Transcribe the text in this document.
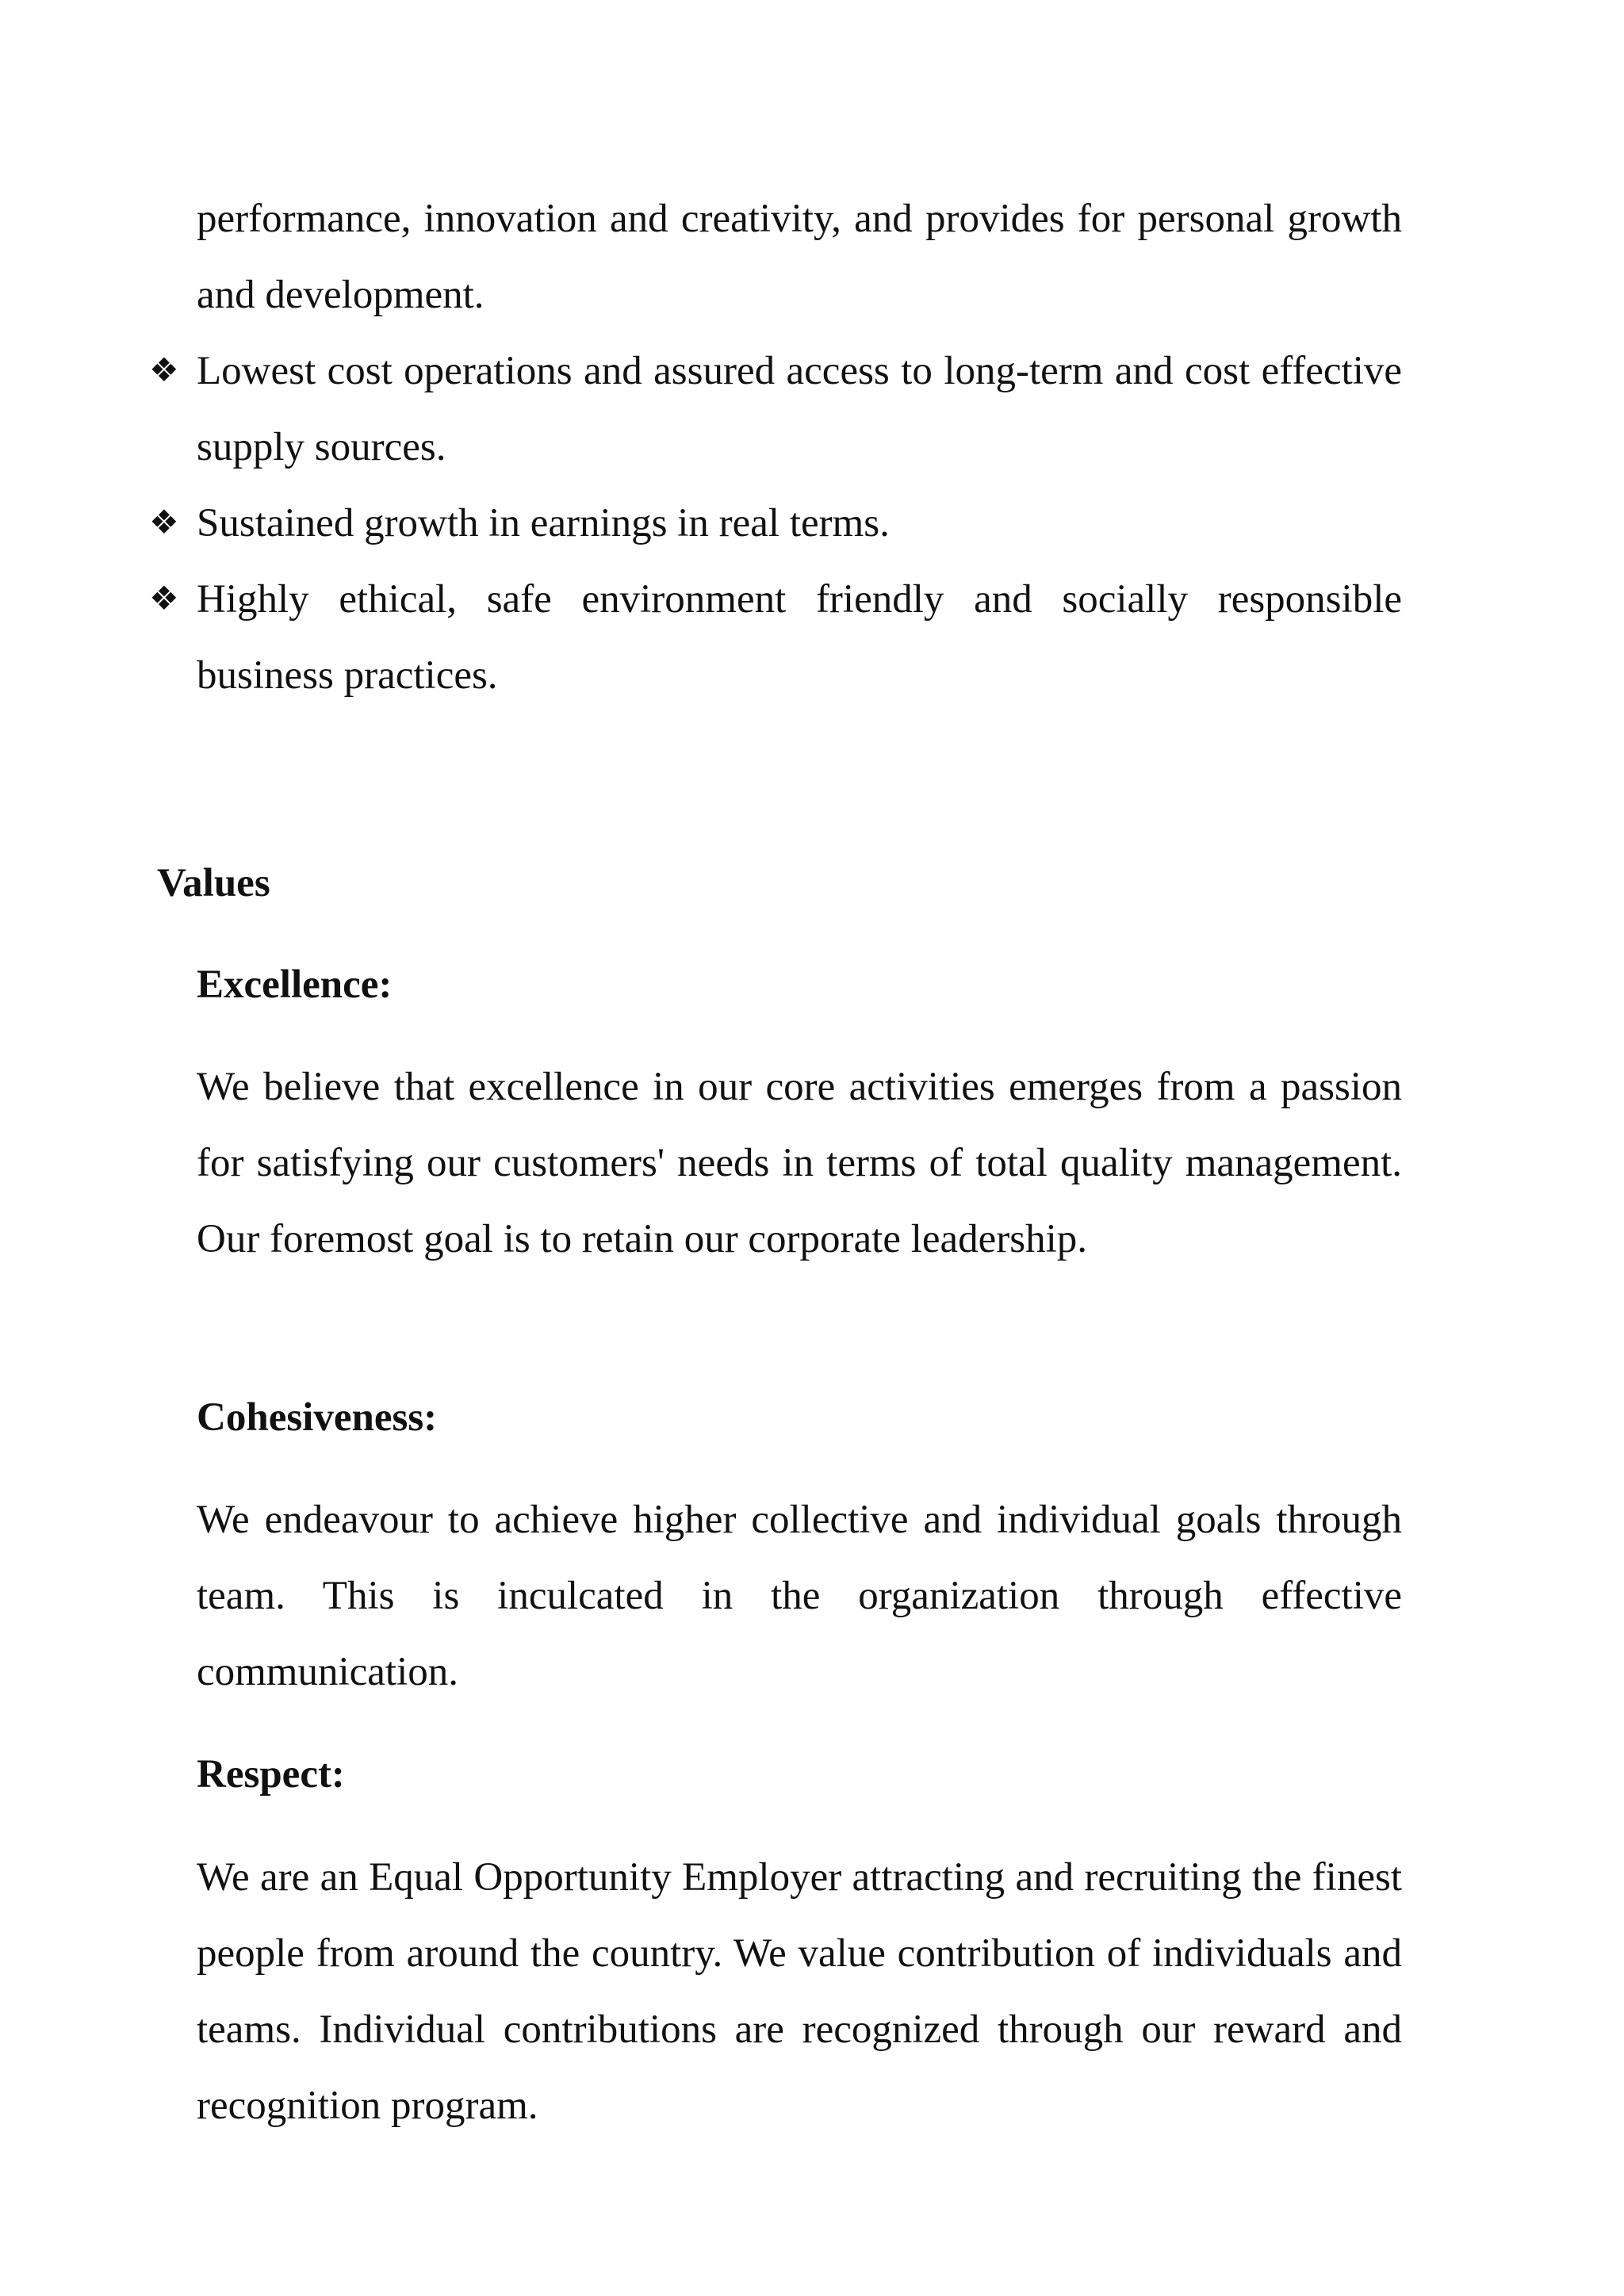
performance, innovation and creativity, and provides for personal growth and development.

❖ Lowest cost operations and assured access to long-term and cost effective supply sources.
❖ Sustained growth in earnings in real terms.
❖ Highly ethical, safe environment friendly and socially responsible business practices.
Values
Excellence:

We believe that excellence in our core activities emerges from a passion for satisfying our customers' needs in terms of total quality management. Our foremost goal is to retain our corporate leadership.

Cohesiveness:

We endeavour to achieve higher collective and individual goals through team. This is inculcated in the organization through effective communication.

Respect:

We are an Equal Opportunity Employer attracting and recruiting the finest people from around the country. We value contribution of individuals and teams. Individual contributions are recognized through our reward and recognition program.
